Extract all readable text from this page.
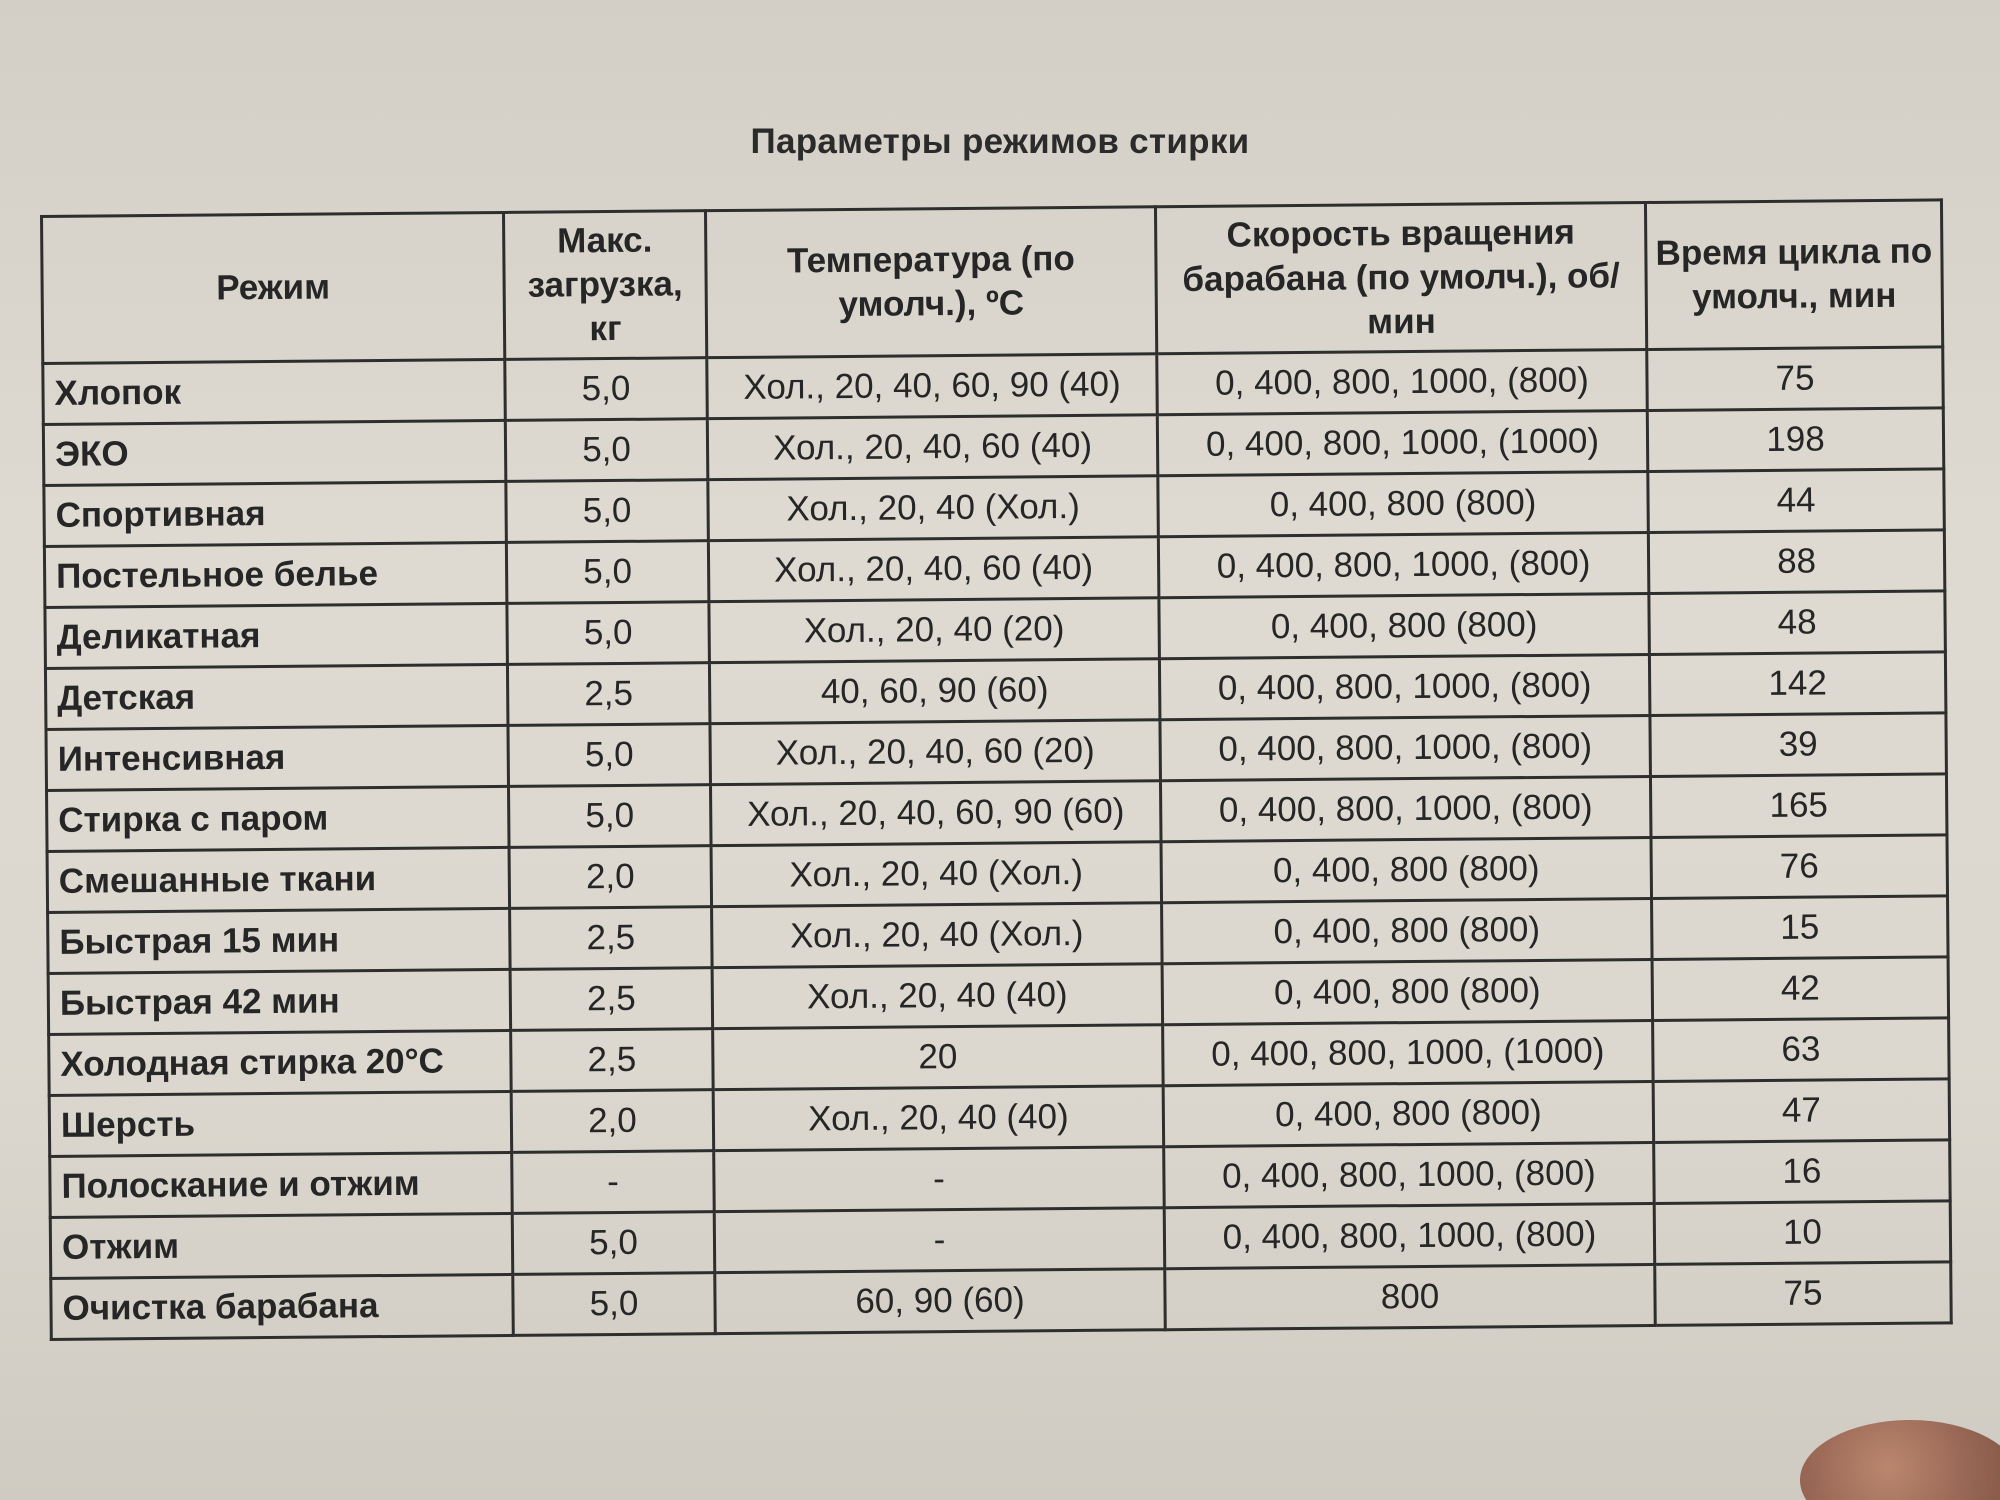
Параметры режимов стирки
Режим	Макс. загрузка, кг	Температура (по умолч.), ºC	Скорость вращения барабана (по умолч.), об/мин	Время цикла по умолч., мин
Хлопок	5,0	Хол., 20, 40, 60, 90 (40)	0, 400, 800, 1000, (800)	75
ЭКО	5,0	Хол., 20, 40, 60 (40)	0, 400, 800, 1000, (1000)	198
Спортивная	5,0	Хол., 20, 40 (Хол.)	0, 400, 800 (800)	44
Постельное белье	5,0	Хол., 20, 40, 60 (40)	0, 400, 800, 1000, (800)	88
Деликатная	5,0	Хол., 20, 40 (20)	0, 400, 800 (800)	48
Детская	2,5	40, 60, 90 (60)	0, 400, 800, 1000, (800)	142
Интенсивная	5,0	Хол., 20, 40, 60 (20)	0, 400, 800, 1000, (800)	39
Стирка с паром	5,0	Хол., 20, 40, 60, 90 (60)	0, 400, 800, 1000, (800)	165
Смешанные ткани	2,0	Хол., 20, 40 (Хол.)	0, 400, 800 (800)	76
Быстрая 15 мин	2,5	Хол., 20, 40 (Хол.)	0, 400, 800 (800)	15
Быстрая 42 мин	2,5	Хол., 20, 40 (40)	0, 400, 800 (800)	42
Холодная стирка 20°C	2,5	20	0, 400, 800, 1000, (1000)	63
Шерсть	2,0	Хол., 20, 40 (40)	0, 400, 800 (800)	47
Полоскание и отжим	-	-	0, 400, 800, 1000, (800)	16
Отжим	5,0	-	0, 400, 800, 1000, (800)	10
Очистка барабана	5,0	60, 90 (60)	800	75
